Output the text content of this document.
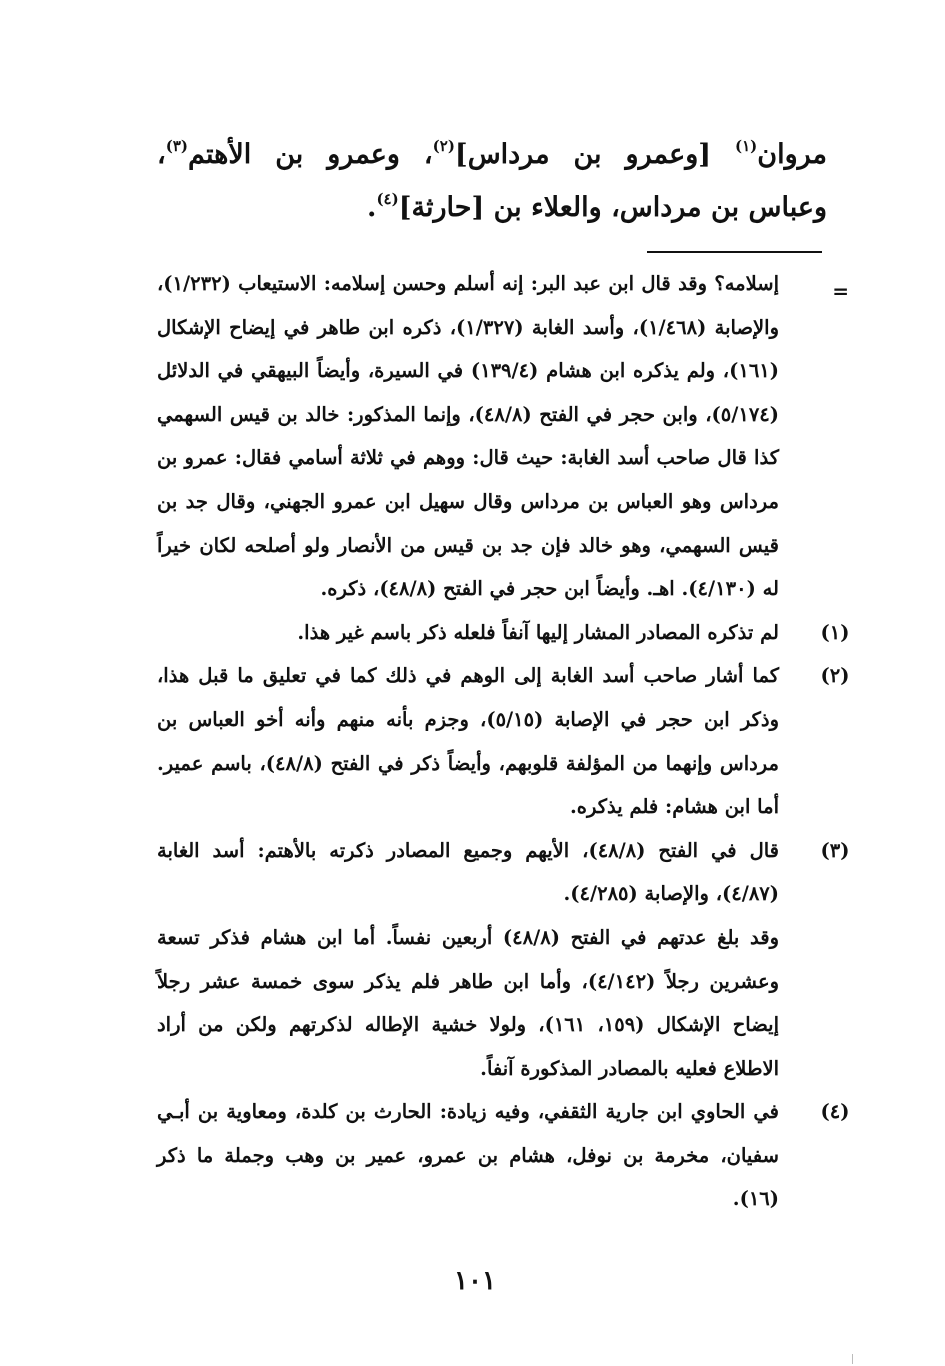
مروان$^{(١)}$ [وعمرو بن مرداس]$^{(٢)}$، وعمرو بن الأهتم$^{(٣)}$، وعباس بن مرداس، والعلاء بن [حارثة]$^{(٤)}$.

=
إسلامه؟ وقد قال ابن عبد البر: إنه أسلم وحسن إسلامه: الاستيعاب (١/٢٣٢)، والإصابة (١/٤٦٨)، وأسد الغابة (١/٣٢٧)، ذكره ابن طاهر في إيضاح الإشكال (١٦١)، ولم يذكره ابن هشام (١٣٩/٤) في السيرة، وأيضاً البيهقي في الدلائل (٥/١٧٤)، وابن حجر في الفتح (٤٨/٨)، وإنما المذكور: خالد بن قيس السهمي كذا قال صاحب أسد الغابة: حيث قال: ووهم في ثلاثة أسامي فقال: عمرو بن مرداس وهو العباس بن مرداس وقال سهيل ابن عمرو الجهني، وقال جد بن قيس السهمي، وهو خالد فإن جد بن قيس من الأنصار ولو أصلحه لكان خيراً له (٤/١٣٠). اهـ. وأيضاً ابن حجر في الفتح (٤٨/٨)، ذكره.
(١)
لم تذكره المصادر المشار إليها آنفاً فلعله ذكر باسم غير هذا.
(٢)
كما أشار صاحب أسد الغابة إلى الوهم في ذلك كما في تعليق ما قبل هذا، وذكر ابن حجر في الإصابة (٥/١٥)، وجزم بأنه منهم وأنه أخو العباس بن مرداس وإنهما من المؤلفة قلوبهم، وأيضاً ذكر في الفتح (٤٨/٨)، باسم عمير. أما ابن هشام: فلم يذكره.
(٣)
قال في الفتح (٤٨/٨)، الأيهم وجميع المصادر ذكرته بالأهتم: أسد الغابة (٤/٨٧)، والإصابة (٤/٢٨٥).
وقد بلغ عدتهم في الفتح (٤٨/٨) أربعين نفساً. أما ابن هشام فذكر تسعة وعشرين رجلاً (٤/١٤٢)، وأما ابن طاهر فلم يذكر سوى خمسة عشر رجلاً إيضاح الإشكال (١٥٩، ١٦١)، ولولا خشية الإطاله لذكرتهم ولكن من أراد الاطلاع فعليه بالمصادر المذكورة آنفاً.
(٤)
في الحاوي ابن جارية الثقفي، وفيه زيادة: الحارث بن كلدة، ومعاوية بن أبـي سفيان، مخرمة بن نوفل، هشام بن عمرو، عمير بن وهب وجملة ما ذكر (١٦).
١٠١
